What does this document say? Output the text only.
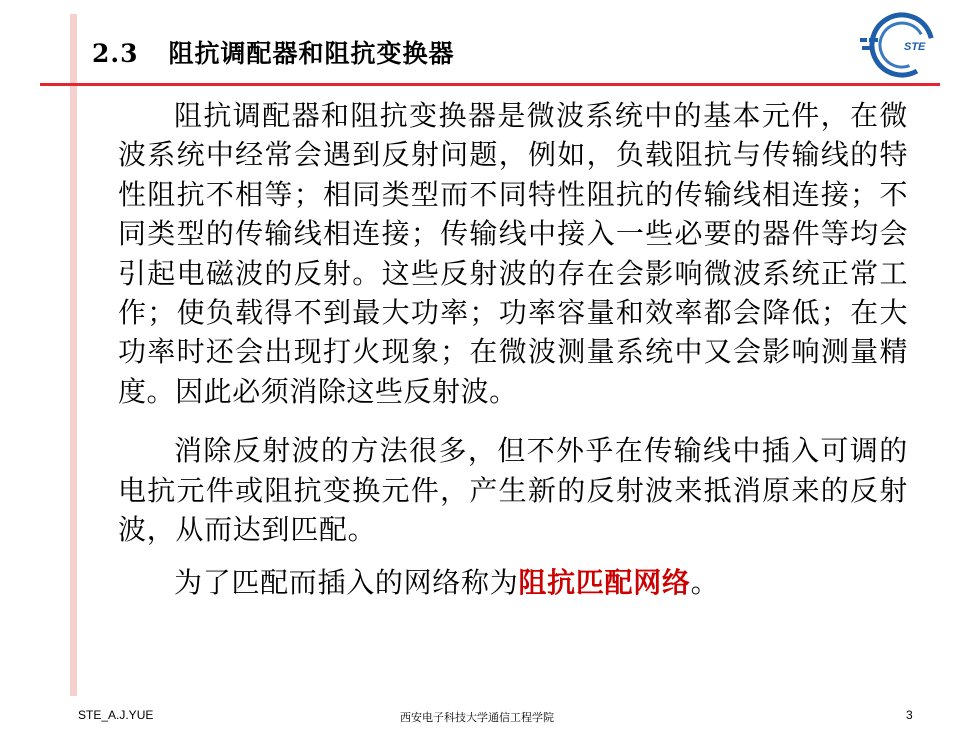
2.3 阻抗调配器和阻抗变换器	STE

阻抗调配器和阻抗变换器是微波系统中的基本元件，在微波系统中经常会遇到反射问题，例如，负载阻抗与传输线的特性阻抗不相等；相同类型而不同特性阻抗的传输线相连接；不同类型的传输线相连接；传输线中接入一些必要的器件等均会引起电磁波的反射。这些反射波的存在会影响微波系统正常工作；使负载得不到最大功率；功率容量和效率都会降低；在大功率时还会出现打火现象；在微波测量系统中又会影响测量精度。因此必须消除这些反射波。

消除反射波的方法很多，但不外乎在传输线中插入可调的电抗元件或阻抗变换元件，产生新的反射波来抵消原来的反射波，从而达到匹配。

为了匹配而插入的网络称为阻抗匹配网络。

STE_A.J.YUE	西安电子科技大学通信工程学院	3
